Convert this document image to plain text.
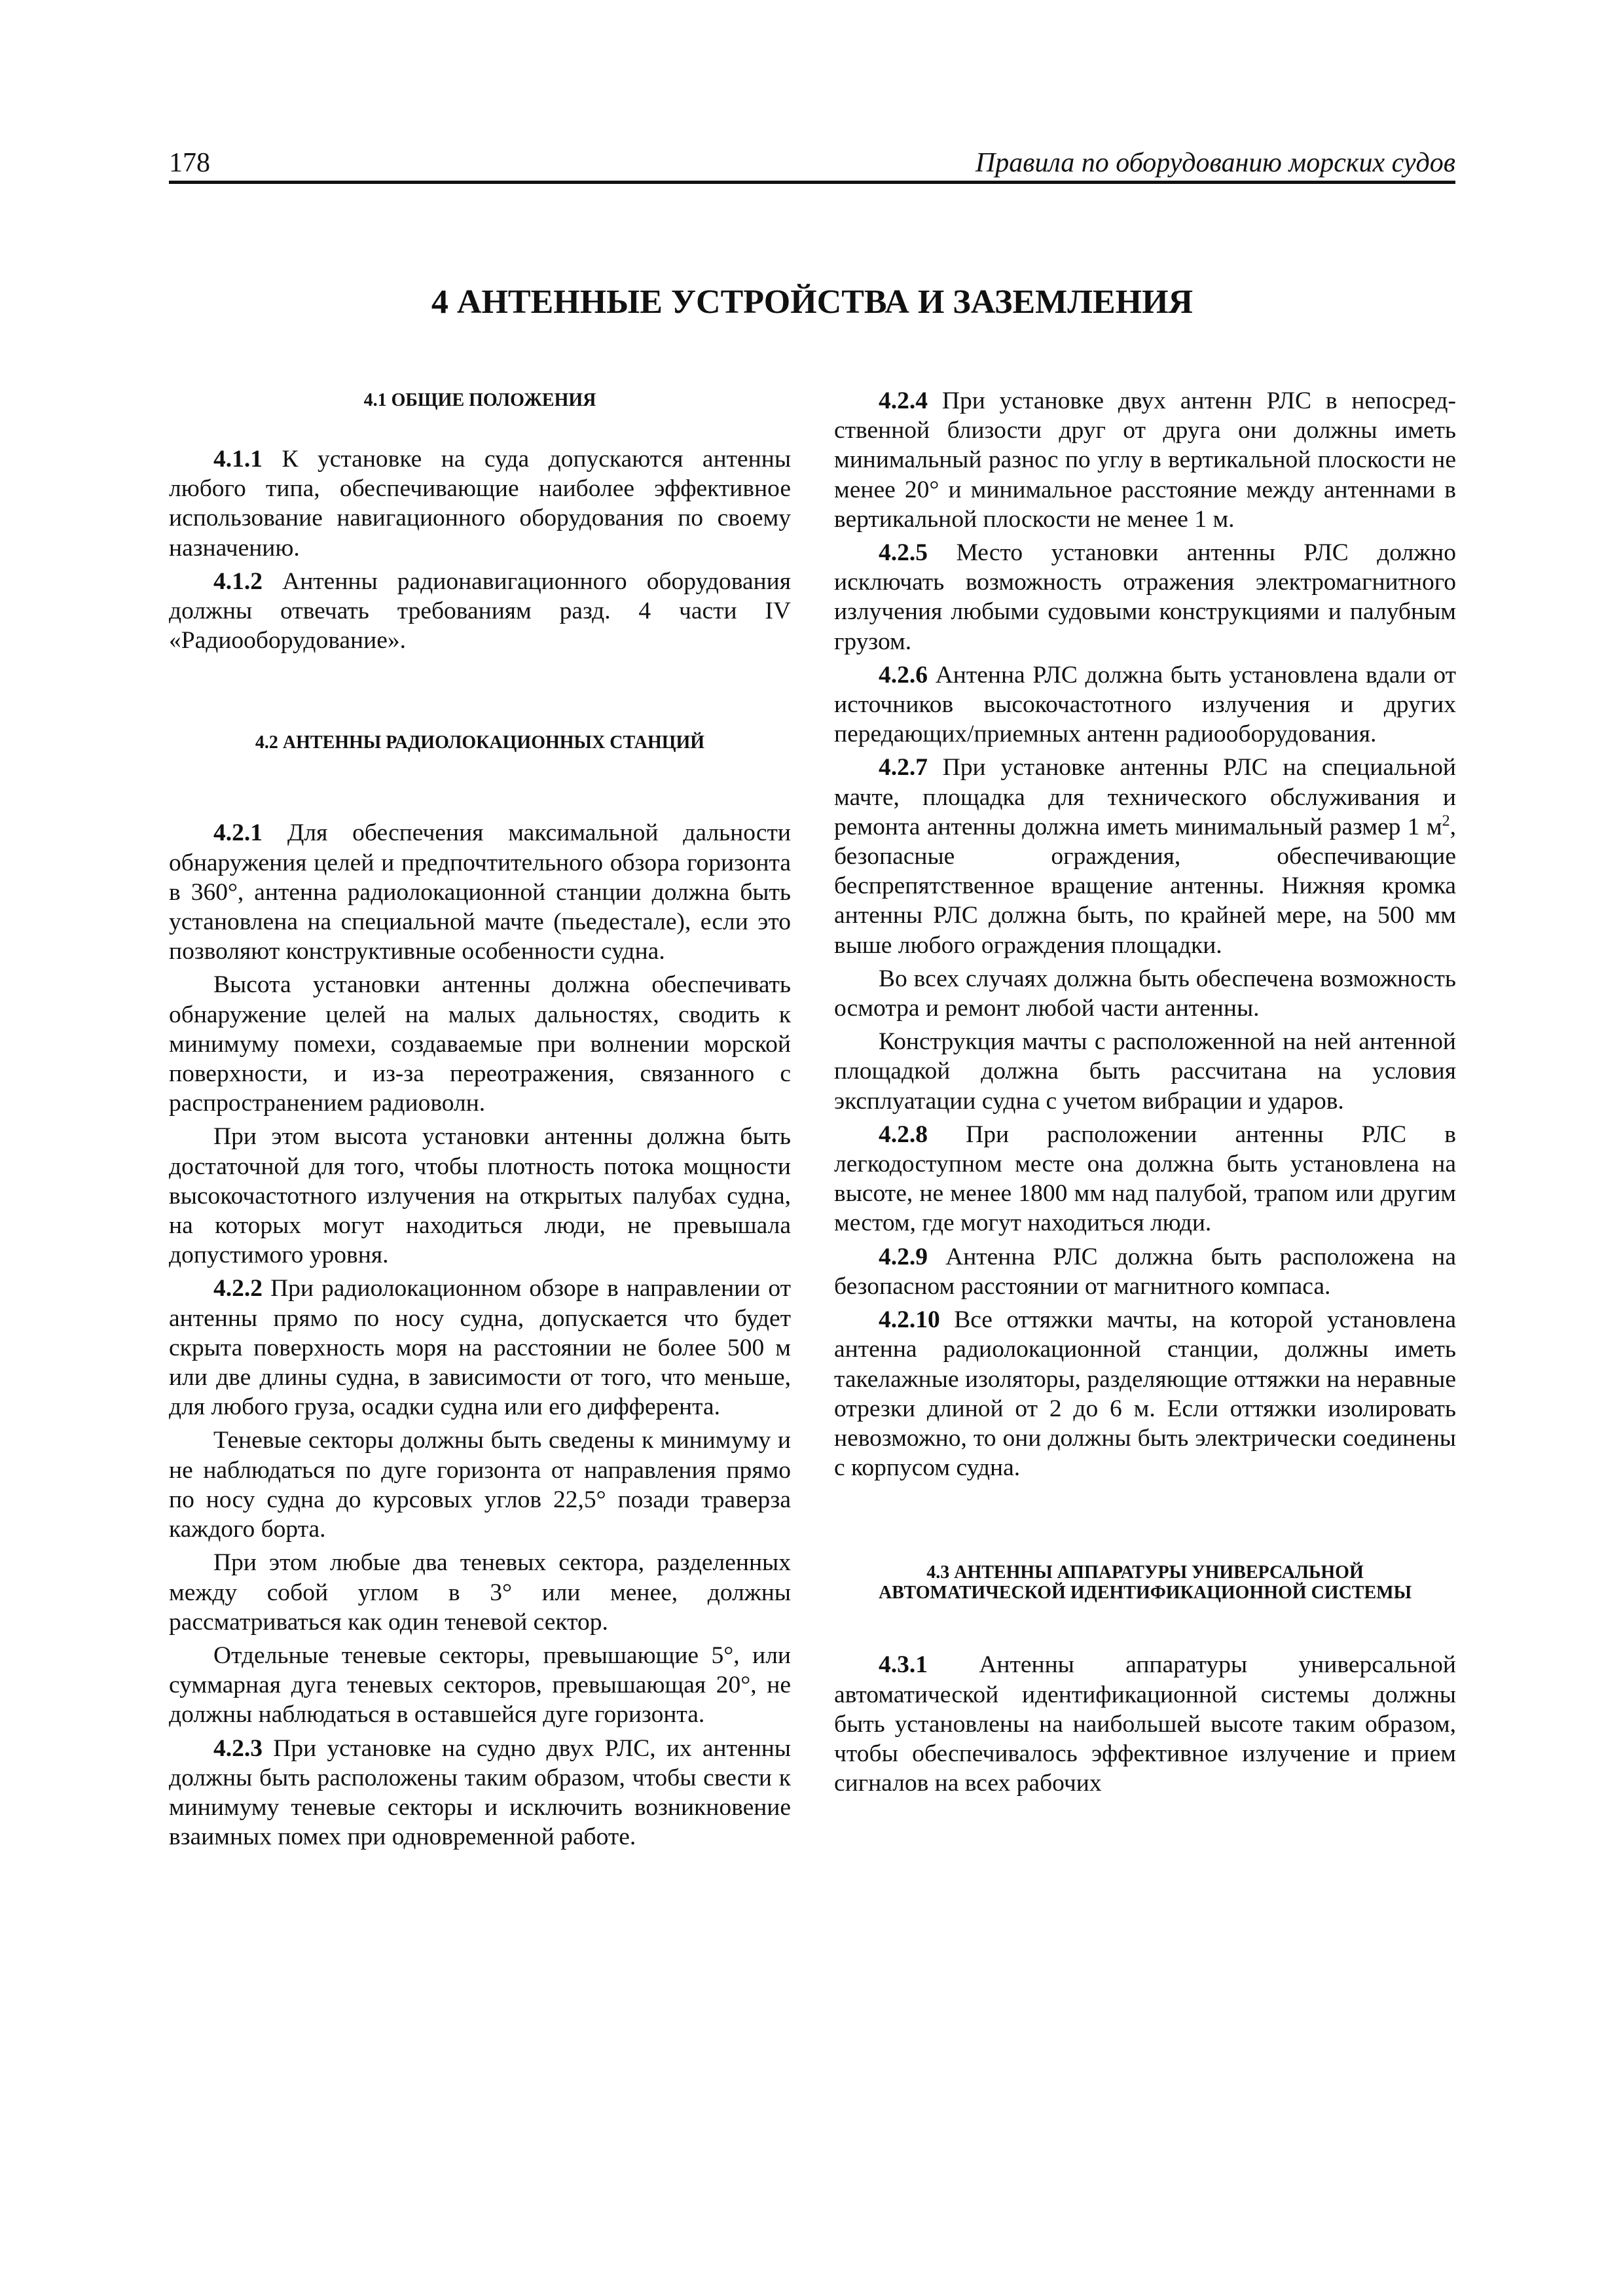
178	Правила по оборудованию морских судов
4 АНТЕННЫЕ УСТРОЙСТВА И ЗАЗЕМЛЕНИЯ
4.1 ОБЩИЕ ПОЛОЖЕНИЯ

4.1.1 К установке на суда допускаются антенны любого типа, обеспечивающие наиболее эффективное использование навигационного оборудования по своему назначению.

4.1.2 Антенны радионавигационного оборудования должны отвечать требованиям разд. 4 части IV «Радиооборудование».

4.2 АНТЕННЫ РАДИОЛОКАЦИОННЫХ СТАНЦИЙ

4.2.1 Для обеспечения максимальной дальности обнаружения целей и предпочтительного обзора горизонта в 360°, антенна радиолокационной станции должна быть установлена на специальной мачте (пьедестале), если это позволяют конструктивные особенности судна.

Высота установки антенны должна обеспечивать обнаружение целей на малых дальностях, сводить к минимуму помехи, создаваемые при волнении морской поверхности, и из-за переотражения, связанного с распространением радиоволн.

При этом высота установки антенны должна быть достаточной для того, чтобы плотность потока мощности высокочастотного излучения на открытых палубах судна, на которых могут находиться люди, не превышала допустимого уровня.

4.2.2 При радиолокационном обзоре в направлении от антенны прямо по носу судна, допускается что будет скрыта поверхность моря на расстоянии не более 500 м или две длины судна, в зависимости от того, что меньше, для любого груза, осадки судна или его дифферента.

Теневые секторы должны быть сведены к минимуму и не наблюдаться по дуге горизонта от направления прямо по носу судна до курсовых углов 22,5° позади траверза каждого борта.

При этом любые два теневых сектора, разделенных между собой углом в 3° или менее, должны рассматриваться как один теневой сектор.

Отдельные теневые секторы, превышающие 5°, или суммарная дуга теневых секторов, превышающая 20°, не должны наблюдаться в оставшейся дуге горизонта.

4.2.3 При установке на судно двух РЛС, их антенны должны быть расположены таким образом, чтобы свести к минимуму теневые секторы и исключить возникновение взаимных помех при одновременной работе.

4.2.4 При установке двух антенн РЛС в непосредственной близости друг от друга они должны иметь минимальный разнос по углу в вертикальной плоскости не менее 20° и минимальное расстояние между антеннами в вертикальной плоскости не менее 1 м.

4.2.5 Место установки антенны РЛС должно исключать возможность отражения электромагнитного излучения любыми судовыми конструкциями и палубным грузом.

4.2.6 Антенна РЛС должна быть установлена вдали от источников высокочастотного излучения и других передающих/приемных антенн радиооборудования.

4.2.7 При установке антенны РЛС на специальной мачте, площадка для технического обслуживания и ремонта антенны должна иметь минимальный размер 1 $м^2$, безопасные ограждения, обеспечивающие беспрепятственное вращение антенны. Нижняя кромка антенны РЛС должна быть, по крайней мере, на 500 мм выше любого ограждения площадки.

Во всех случаях должна быть обеспечена возможность осмотра и ремонт любой части антенны.

Конструкция мачты с расположенной на ней антенной площадкой должна быть рассчитана на условия эксплуатации судна с учетом вибрации и ударов.

4.2.8 При расположении антенны РЛС в легкодоступном месте она должна быть установлена на высоте, не менее 1800 мм над палубой, трапом или другим местом, где могут находиться люди.

4.2.9 Антенна РЛС должна быть расположена на безопасном расстоянии от магнитного компаса.

4.2.10 Все оттяжки мачты, на которой установлена антенна радиолокационной станции, должны иметь такелажные изоляторы, разделяющие оттяжки на неравные отрезки длиной от 2 до 6 м. Если оттяжки изолировать невозможно, то они должны быть электрически соединены с корпусом судна.

4.3 АНТЕННЫ АППАРАТУРЫ УНИВЕРСАЛЬНОЙ АВТОМАТИЧЕСКОЙ ИДЕНТИФИКАЦИОННОЙ СИСТЕМЫ

4.3.1 Антенны аппаратуры универсальной автоматической идентификационной системы должны быть установлены на наибольшей высоте таким образом, чтобы обеспечивалось эффективное излучение и прием сигналов на всех рабочих
